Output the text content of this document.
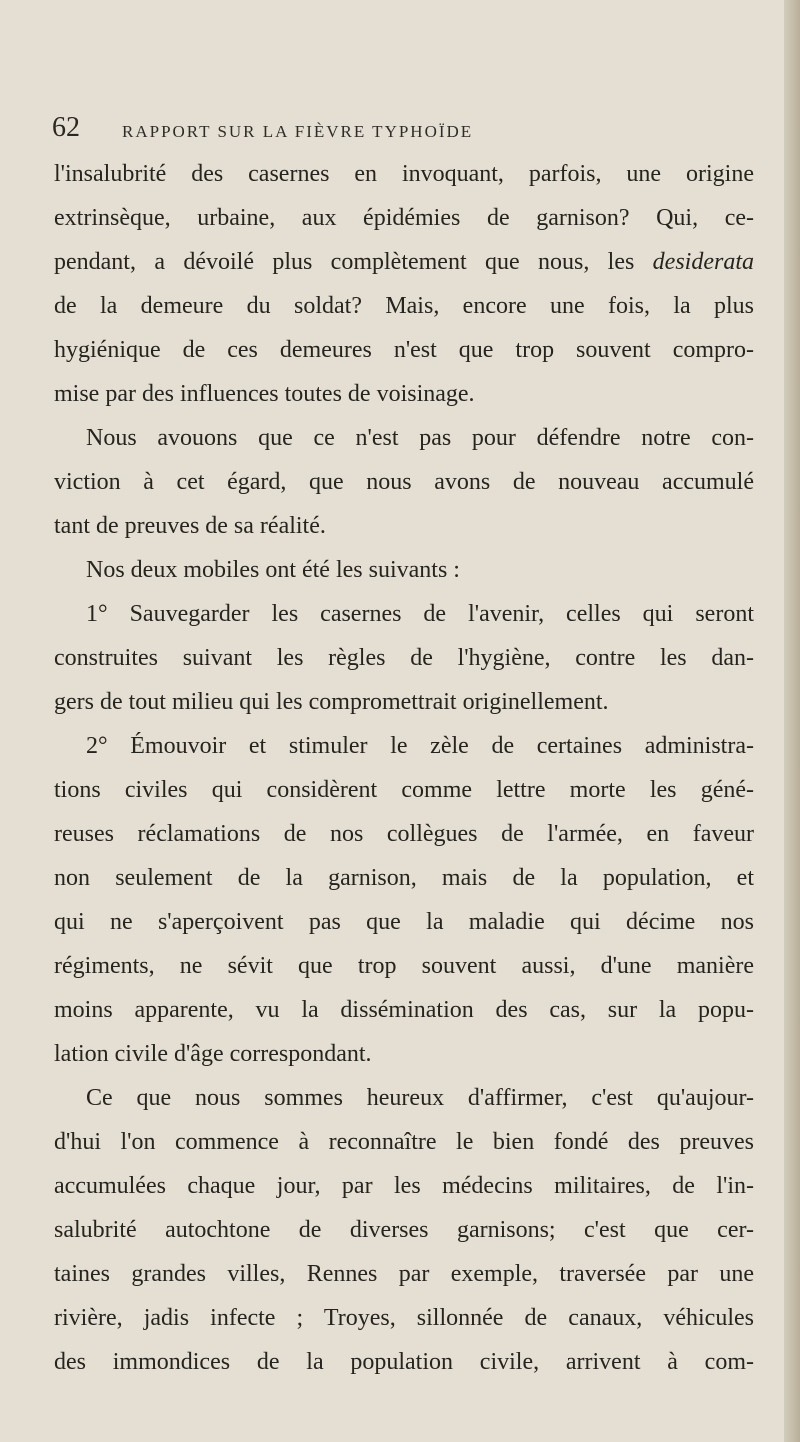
62 RAPPORT SUR LA FIÈVRE TYPHOÏDE
l'insalubrité des casernes en invoquant, parfois, une origine
extrinsèque, urbaine, aux épidémies de garnison? Qui, ce-
pendant, a dévoilé plus complètement que nous, les desiderata
de la demeure du soldat? Mais, encore une fois, la plus
hygiénique de ces demeures n'est que trop souvent compro-
mise par des influences toutes de voisinage.
Nous avouons que ce n'est pas pour défendre notre con-
viction à cet égard, que nous avons de nouveau accumulé
tant de preuves de sa réalité.
Nos deux mobiles ont été les suivants :
1° Sauvegarder les casernes de l'avenir, celles qui seront
construites suivant les règles de l'hygiène, contre les dan-
gers de tout milieu qui les compromettrait originellement.
2° Émouvoir et stimuler le zèle de certaines administra-
tions civiles qui considèrent comme lettre morte les géné-
reuses réclamations de nos collègues de l'armée, en faveur
non seulement de la garnison, mais de la population, et
qui ne s'aperçoivent pas que la maladie qui décime nos
régiments, ne sévit que trop souvent aussi, d'une manière
moins apparente, vu la dissémination des cas, sur la popu-
lation civile d'âge correspondant.
Ce que nous sommes heureux d'affirmer, c'est qu'aujour-
d'hui l'on commence à reconnaître le bien fondé des preuves
accumulées chaque jour, par les médecins militaires, de l'in-
salubrité autochtone de diverses garnisons; c'est que cer-
taines grandes villes, Rennes par exemple, traversée par une
rivière, jadis infecte ; Troyes, sillonnée de canaux, véhicules
des immondices de la population civile, arrivent à com-
